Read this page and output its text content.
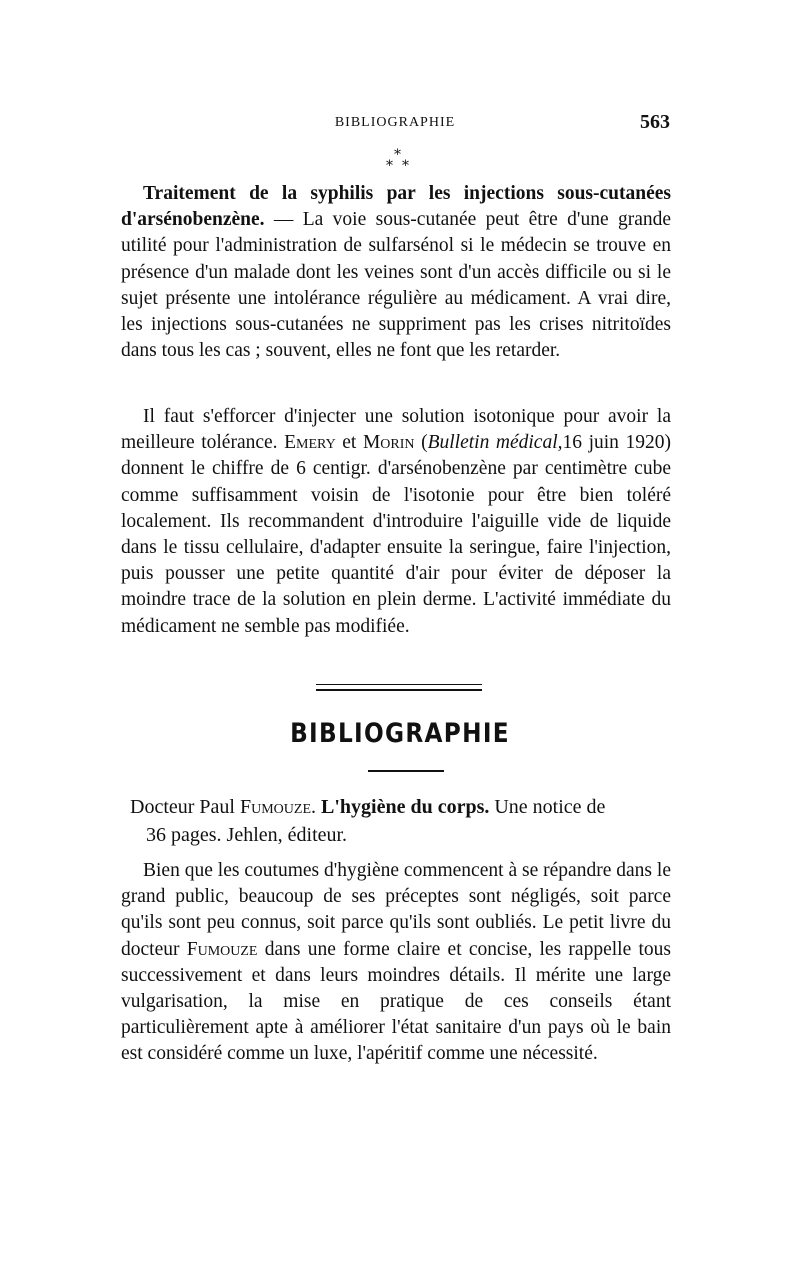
BIBLIOGRAPHIE	563
*
* *

Traitement de la syphilis par les injections sous-cutanées d'arsénobenzène. — La voie sous-cutanée peut être d'une grande utilité pour l'administration de sulfarsénol si le médecin se trouve en présence d'un malade dont les veines sont d'un accès difficile ou si le sujet présente une intolérance régulière au médicament. A vrai dire, les injections sous-cutanées ne suppriment pas les crises nitritoïdes dans tous les cas ; souvent, elles ne font que les retarder.

Il faut s'efforcer d'injecter une solution isotonique pour avoir la meilleure tolérance. Emery et Morin (Bulletin médical,16 juin 1920) donnent le chiffre de 6 centigr. d'arsénobenzène par centimètre cube comme suffisamment voisin de l'isotonie pour être bien toléré localement. Ils recommandent d'introduire l'aiguille vide de liquide dans le tissu cellulaire, d'adapter ensuite la seringue, faire l'injection, puis pousser une petite quantité d'air pour éviter de déposer la moindre trace de la solution en plein derme. L'activité immédiate du médicament ne semble pas modifiée.

BIBLIOGRAPHIE
Docteur Paul Fumouze. L'hygiène du corps. Une notice de
36 pages. Jehlen, éditeur.

Bien que les coutumes d'hygiène commencent à se répandre dans le grand public, beaucoup de ses préceptes sont négligés, soit parce qu'ils sont peu connus, soit parce qu'ils sont oubliés. Le petit livre du docteur Fumouze dans une forme claire et concise, les rappelle tous successivement et dans leurs moindres détails. Il mérite une large vulgarisation, la mise en pratique de ces conseils étant particulièrement apte à améliorer l'état sanitaire d'un pays où le bain est considéré comme un luxe, l'apéritif comme une nécessité.
